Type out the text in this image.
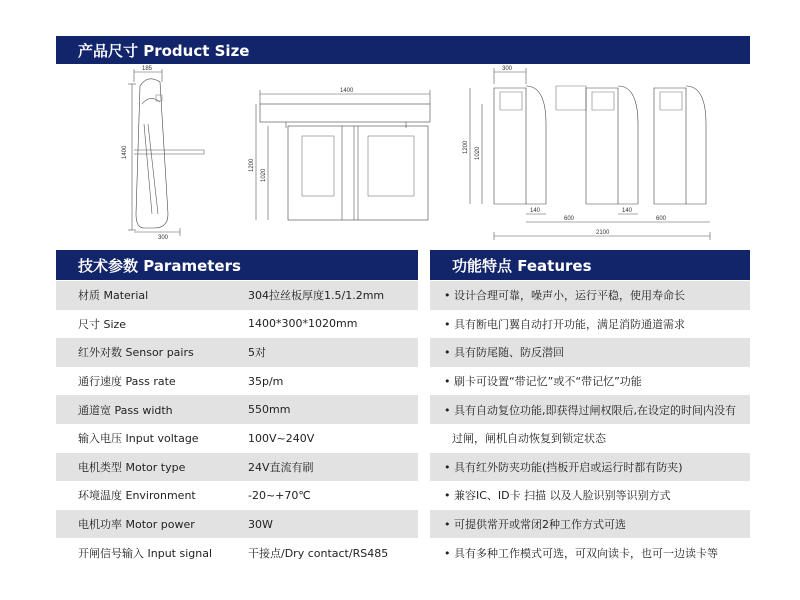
产品尺寸 Product Size
185
1400
300
1400
1200
1020
300
1200 1020
140	140
600	600
2100
技术参数 Parameters
材质 Material	304拉丝板厚度1.5/1.2mm
尺寸 Size	1400*300*1020mm
红外对数 Sensor pairs	5对
通行速度 Pass rate	35p/m
通道宽 Pass width	550mm
输入电压 Input voltage	100V~240V
电机类型 Motor type	24V直流有刷
环境温度 Environment	-20~+70℃
电机功率 Motor power	30W
开闸信号输入 Input signal	干接点/Dry contact/RS485
功能特点 Features
• 设计合理可靠，噪声小，运行平稳，使用寿命长
• 具有断电门翼自动打开功能，满足消防通道需求
• 具有防尾随、防反潜回
• 刷卡可设置“带记忆”或不“带记忆”功能
• 具有自动复位功能,即获得过闸权限后,在设定的时间内没有
过闸，闸机自动恢复到锁定状态
• 具有红外防夹功能(挡板开启或运行时都有防夹)
• 兼容IC、ID卡 扫描 以及人脸识别等识别方式
• 可提供常开或常闭2种工作方式可选
• 具有多种工作模式可选，可双向读卡，也可一边读卡等
